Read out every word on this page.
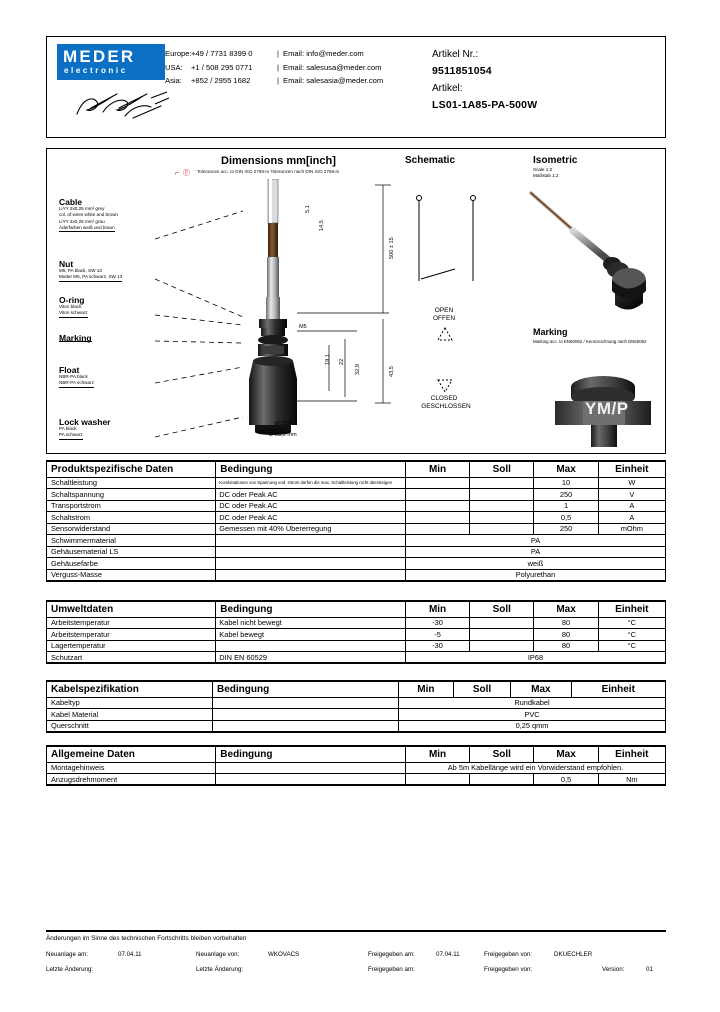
MEDER
electronic
Europe:+49 / 7731 8399 0	| Email: info@meder.com
USA: +1 / 508 295 0771	| Email: salesusa@meder.com
Asia: +852 / 2955 1682	| Email: salesasia@meder.com
Artikel Nr.:
9511851054
Artikel:
LS01-1A85-PA-500W
Dimensions mm[inch]
⌐ Ⓕ Tolerances acc. to DIN ISO 2768-m Toleranzen nach DIN ISO 2768-m
Schematic	Isometric
Scale 1:2
Maßstab 1:2
Cable
LiYY 2x0,25 mm² grey
col. of wires white and brown
LiYY 2x0,25 mm² grau
Aderfarben weiß und braun
Nut
M5, PA black, SW 13
Mutter M5, PA schwarz, SW 13
O-ring
Viton black
Viton schwarz
Marking
Float
NBR-PA black
NBR-PA schwarz
Lock washer
PA black
PA schwarz
500 ± 15
43,5
32,9
22
19,1
5,1
14,5
M5
Ø 23,5
Ø 23,5 mm
OPEN
OFFEN
CLOSED
GESCHLOSSEN
Marking
Marking acc. to EN60062 / Kennzeichnung nach EN60062
YM/P
Produktspezifische Daten	Bedingung	Min	Soll	Max	Einheit
Schaltleistung	Kombinationen von Spannung und -Strom dürfen die max. Schaltleistung nicht übersteigen			10	W
Schaltspannung	DC oder Peak AC			250	V
Transportstrom	DC oder Peak AC			1	A
Schaltstrom	DC oder Peak AC			0,5	A
Sensorwiderstand	Gemessen mit 40% Übererregung			250	mOhm
Schwimmermaterial		PA			
Gehäusematerial LS		PA			
Gehäusefarbe		weiß			
Verguss-Masse		Polyurethan			
Umweltdaten	Bedingung	Min	Soll	Max	Einheit
Arbeitstemperatur	Kabel nicht bewegt	-30		80	°C
Arbeitstemperatur	Kabel bewegt	-5		80	°C
Lagertemperatur		-30		80	°C
Schutzart	DIN EN 60529	IP68			
Kabelspezifikation	Bedingung	Min	Soll	Max	Einheit
Kabeltyp		Rundkabel			
Kabel Material		PVC			
Querschnitt		0,25 qmm			
Allgemeine Daten	Bedingung	Min	Soll	Max	Einheit
Montagehinweis		Ab 5m Kabellänge wird ein Vorwiderstand empfohlen.			
Anzugsdrehmoment				0,5	Nm
Änderungen im Sinne des technischen Fortschritts bleiben vorbehalten
Neuanlage am:	07.04.11	Neuanlage von:	WKOVACS	Freigegeben am:	07.04.11	Freigegeben von:	DKUECHLER
Letzte Änderung:	Letzte Änderung:	Freigegeben am:	Freigegeben von:	Version:	01
